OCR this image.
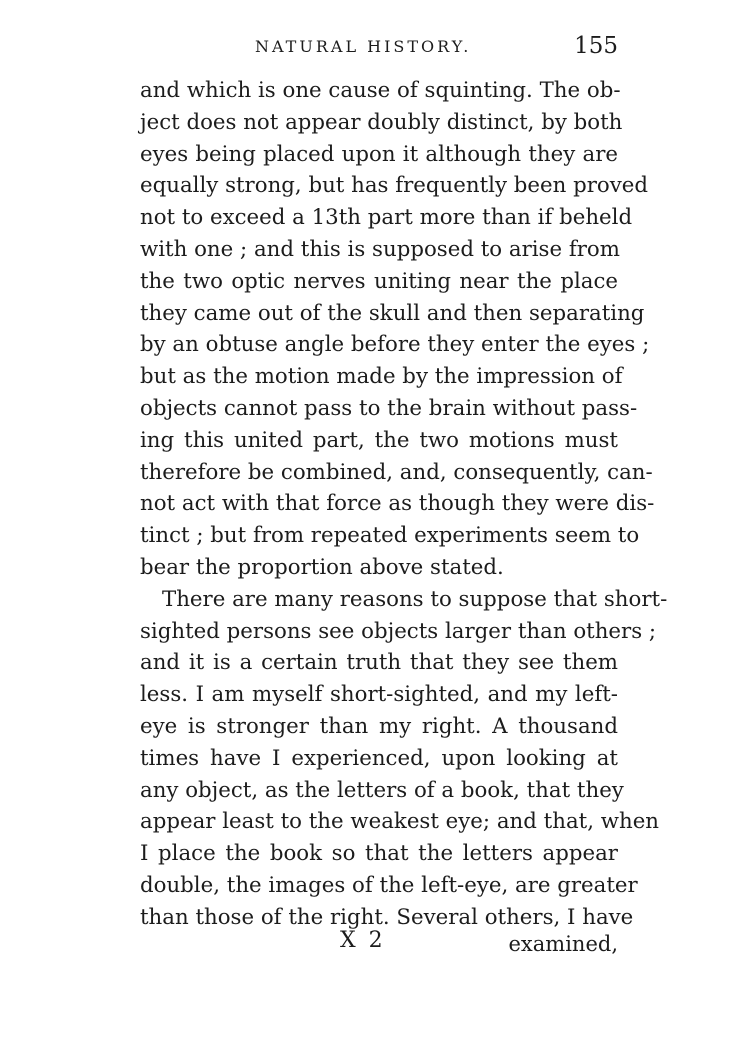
NATURAL HISTORY.	155
and which is one cause of squinting. The ob-
ject does not appear doubly distinct, by both
eyes being placed upon it although they are
equally strong, but has frequently been proved
not to exceed a 13th part more than if beheld
with one ; and this is supposed to arise from
the two optic nerves uniting near the place
they came out of the skull and then separating
by an obtuse angle before they enter the eyes ;
but as the motion made by the impression of
objects cannot pass to the brain without pass-
ing this united part, the two motions must
therefore be combined, and, consequently, can-
not act with that force as though they were dis-
tinct ; but from repeated experiments seem to
bear the proportion above stated.
There are many reasons to suppose that short-
sighted persons see objects larger than others ;
and it is a certain truth that they see them
less. I am myself short-sighted, and my left-
eye is stronger than my right. A thousand
times have I experienced, upon looking at
any object, as the letters of a book, that they
appear least to the weakest eye; and that, when
I place the book so that the letters appear
double, the images of the left-eye, are greater
than those of the right. Several others, I have
X 2	examined,
